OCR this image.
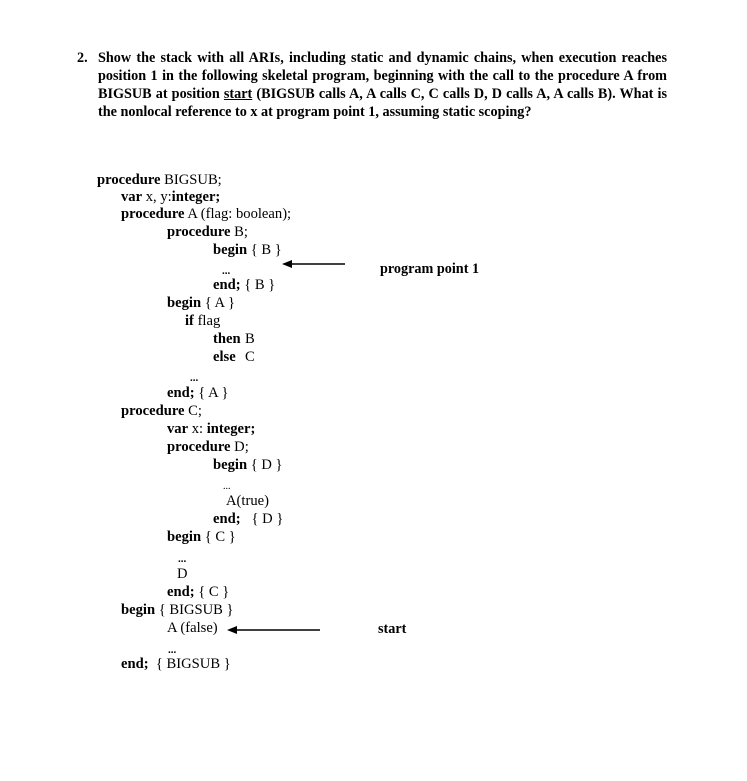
2. Show the stack with all ARIs, including static and dynamic chains, when execution reaches position 1 in the following skeletal program, beginning with the call to the procedure A from BIGSUB at position start (BIGSUB calls A, A calls C, C calls D, D calls A, A calls B). What is the nonlocal reference to x at program point 1, assuming static scoping?
procedure BIGSUB;
var x, y:integer;
procedure A (flag: boolean);
procedure B;
begin { B }
...
end; { B }
begin { A }
if flag
then B
else C
...
end; { A }
procedure C;
var x: integer;
procedure D;
begin { D }
...
A(true)
end;   { D }
begin { C }
...
D
end; { C }
begin { BIGSUB }
A (false)
...
end;  { BIGSUB }
program point 1
start
